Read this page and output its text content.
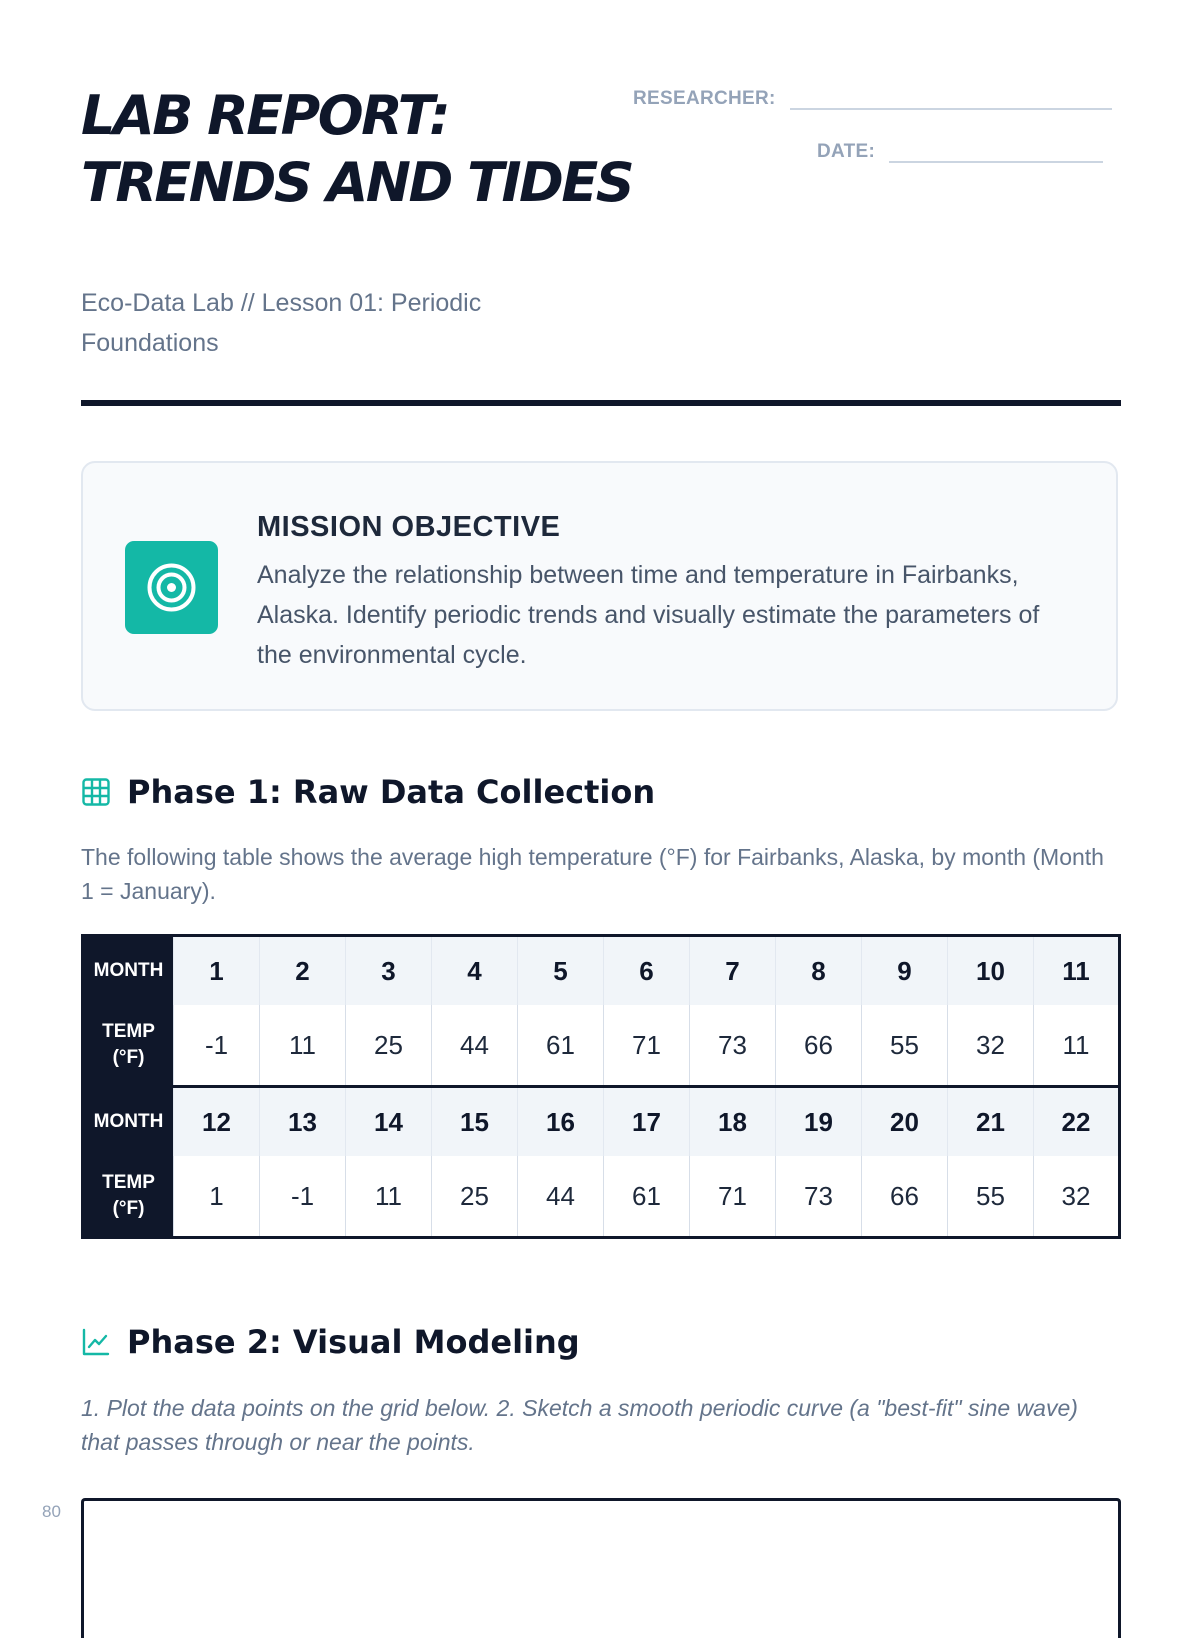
LAB REPORT: TRENDS AND TIDES
Eco-Data Lab // Lesson 01: Periodic Foundations
RESEARCHER:
DATE:
MISSION OBJECTIVE

Analyze the relationship between time and temperature in Fairbanks, Alaska. Identify periodic trends and visually estimate the parameters of the environmental cycle.

Phase 1: Raw Data Collection

The following table shows the average high temperature (°F) for Fairbanks, Alaska, by month (Month 1 = January).

MONTH	1	2	3	4	5	6	7	8	9	10	11

TEMP
(°F)	-1	11	25	44	61	71	73	66	55	32	11
MONTH	12	13	14	15	16	17	18	19	20	21	22

TEMP
(°F)	1	-1	11	25	44	61	71	73	66	55	32
Phase 2: Visual Modeling

1. Plot the data points on the grid below. 2. Sketch a smooth periodic curve (a "best-fit" sine wave) that passes through or near the points.

80
